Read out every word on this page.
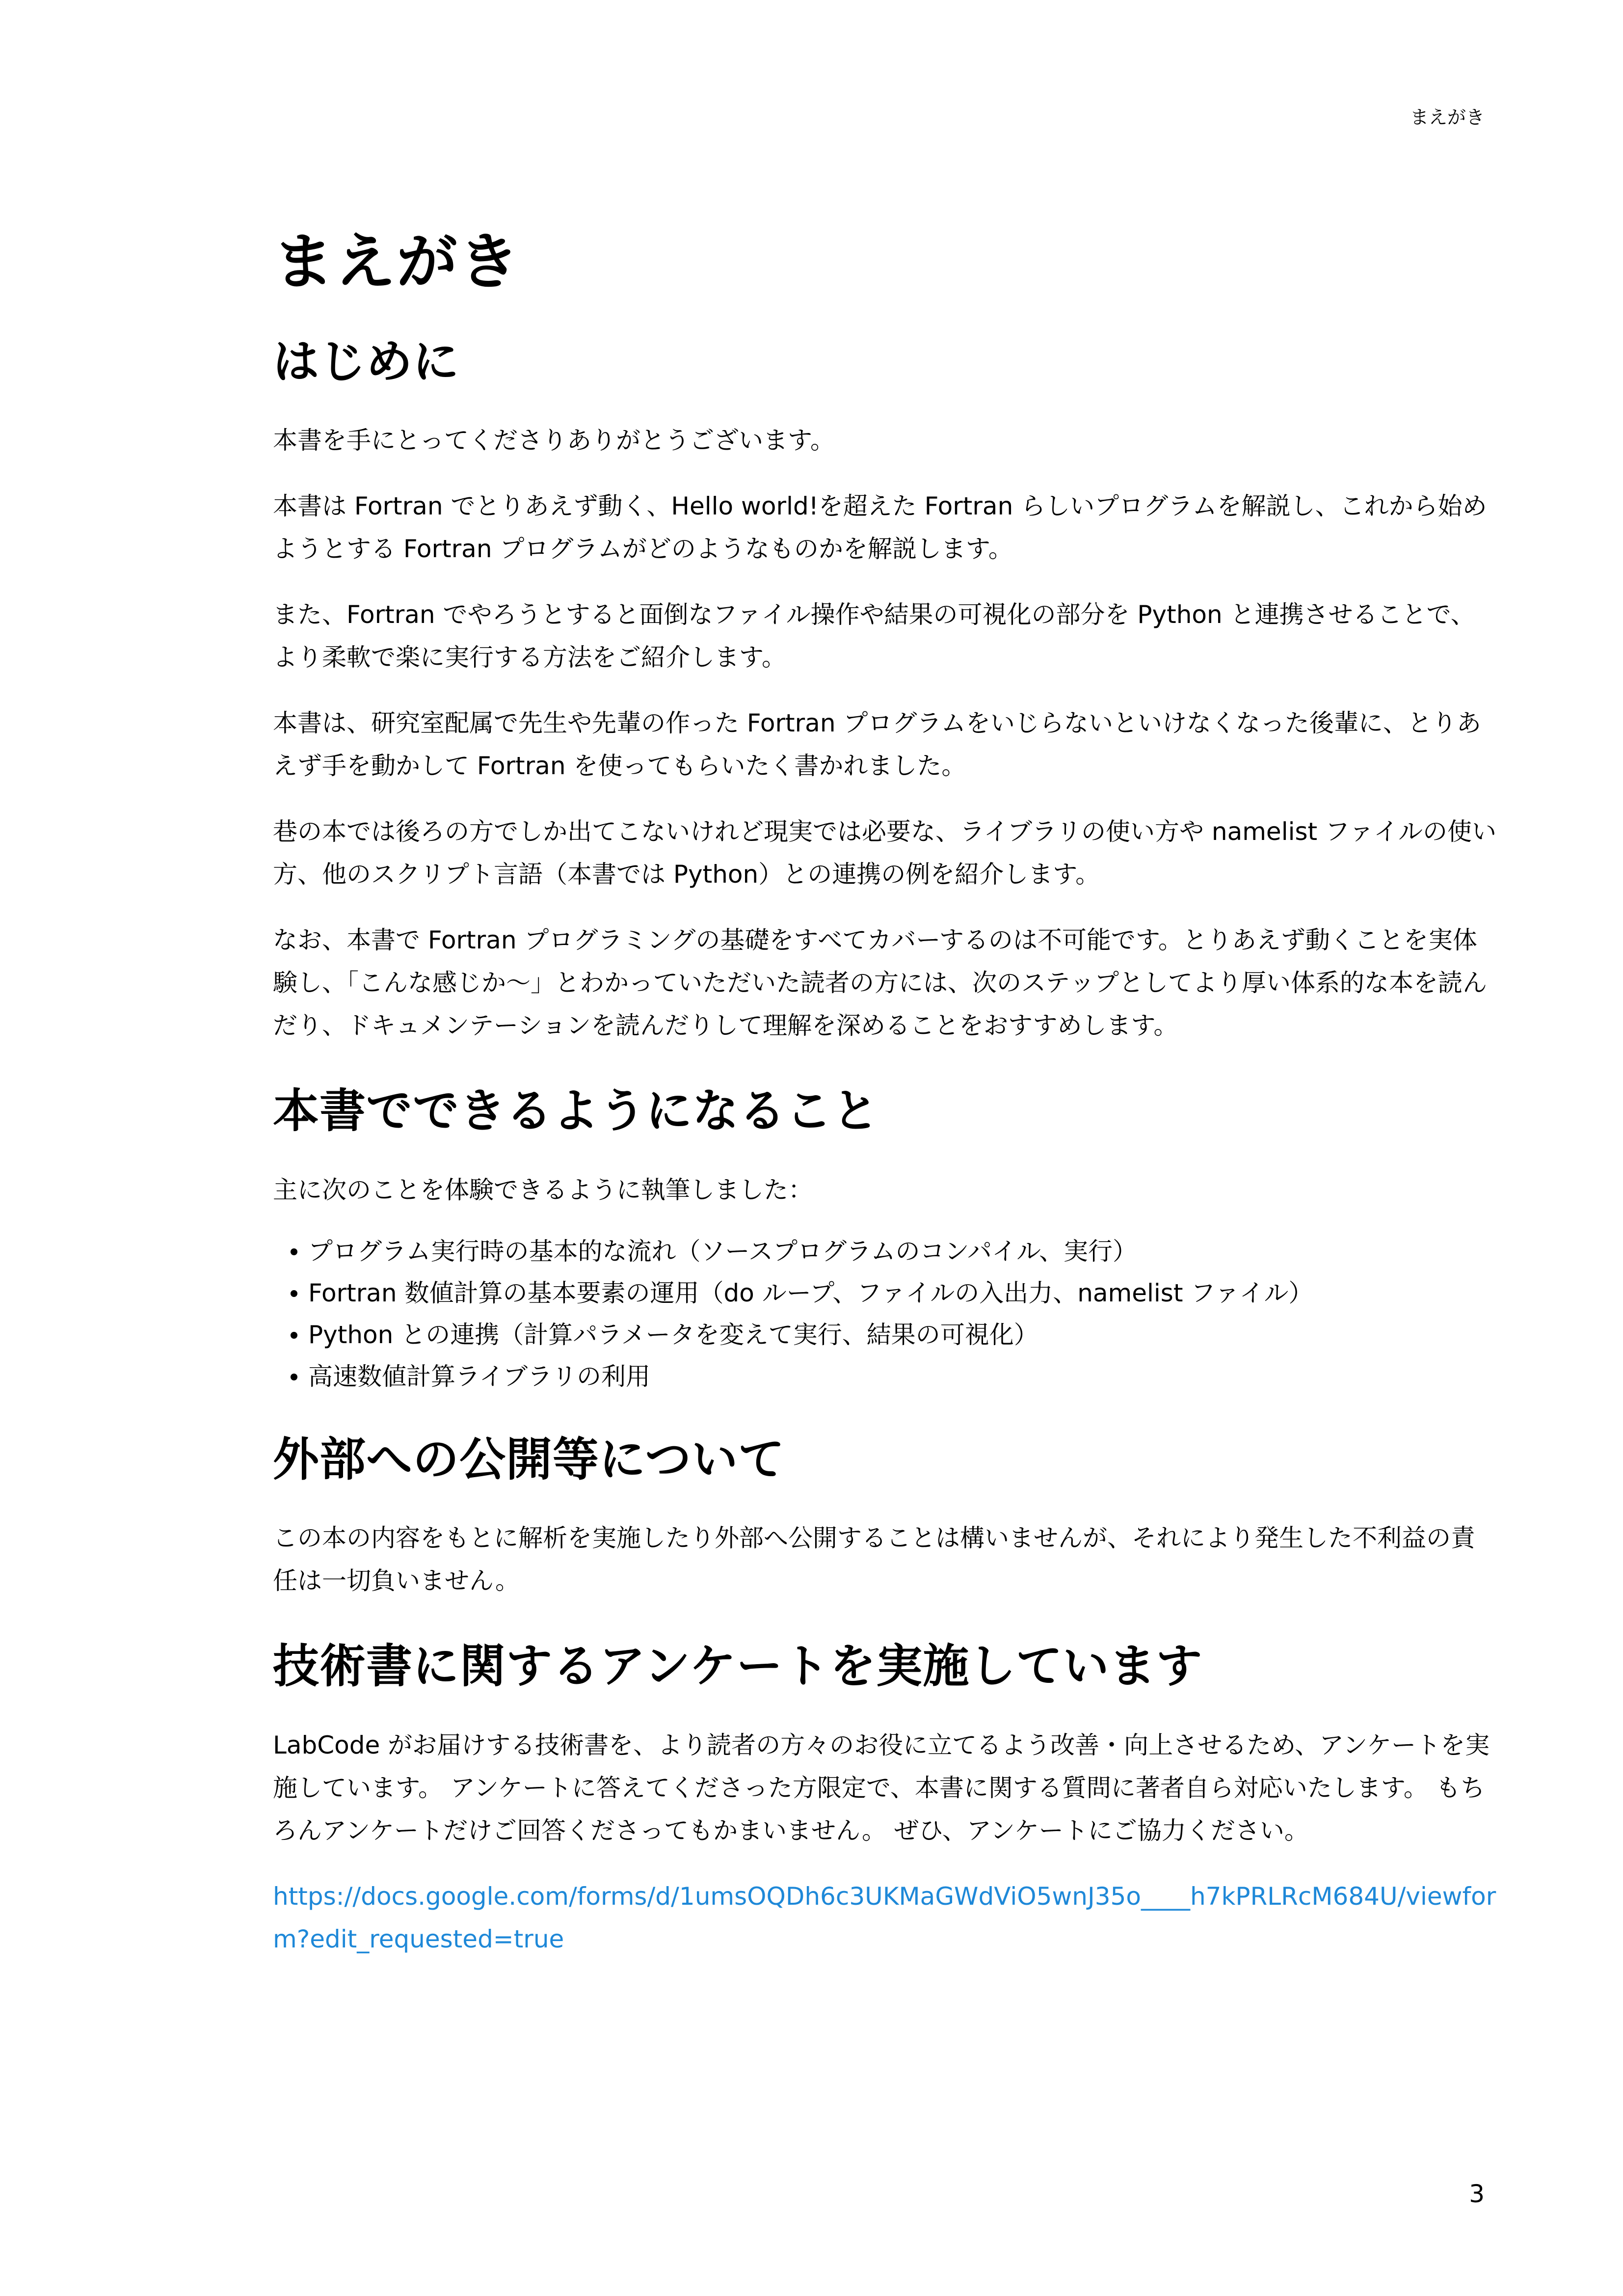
まえがき
まえがき
はじめに

本書を手にとってくださりありがとうございます。

本書は Fortran でとりあえず動く、Hello world!を超えた Fortran らしいプログラムを解説し、これから始めようとする Fortran プログラムがどのようなものかを解説します。

また、Fortran でやろうとすると面倒なファイル操作や結果の可視化の部分を Python と連携させることで、より柔軟で楽に実行する方法をご紹介します。

本書は、研究室配属で先生や先輩の作った Fortran プログラムをいじらないといけなくなった後輩に、とりあえず手を動かして Fortran を使ってもらいたく書かれました。

巷の本では後ろの方でしか出てこないけれど現実では必要な、ライブラリの使い方や namelist ファイルの使い方、他のスクリプト言語（本書では Python）との連携の例を紹介します。

なお、本書で Fortran プログラミングの基礎をすべてカバーするのは不可能です。とりあえず動くことを実体験し、「こんな感じか〜」とわかっていただいた読者の方には、次のステップとしてより厚い体系的な本を読んだり、ドキュメンテーションを読んだりして理解を深めることをおすすめします。

本書でできるようになること

主に次のことを体験できるように執筆しました：

プログラム実行時の基本的な流れ（ソースプログラムのコンパイル、実行）
Fortran 数値計算の基本要素の運用（do ループ、ファイルの入出力、namelist ファイル）
Python との連携（計算パラメータを変えて実行、結果の可視化）
高速数値計算ライブラリの利用
外部への公開等について

この本の内容をもとに解析を実施したり外部へ公開することは構いませんが、それにより発生した不利益の責任は一切負いません。

技術書に関するアンケートを実施しています

LabCode がお届けする技術書を、より読者の方々のお役に立てるよう改善・向上させるため、アンケートを実施しています。 アンケートに答えてくださった方限定で、本書に関する質問に著者自ら対応いたします。 もちろんアンケートだけご回答くださってもかまいません。 ぜひ、アンケートにご協力ください。

https://docs.google.com/forms/d/1umsOQDh6c3UKMaGWdViO5wnJ35o____h7kPRLRcM684U/viewform?edit_requested=true
3
